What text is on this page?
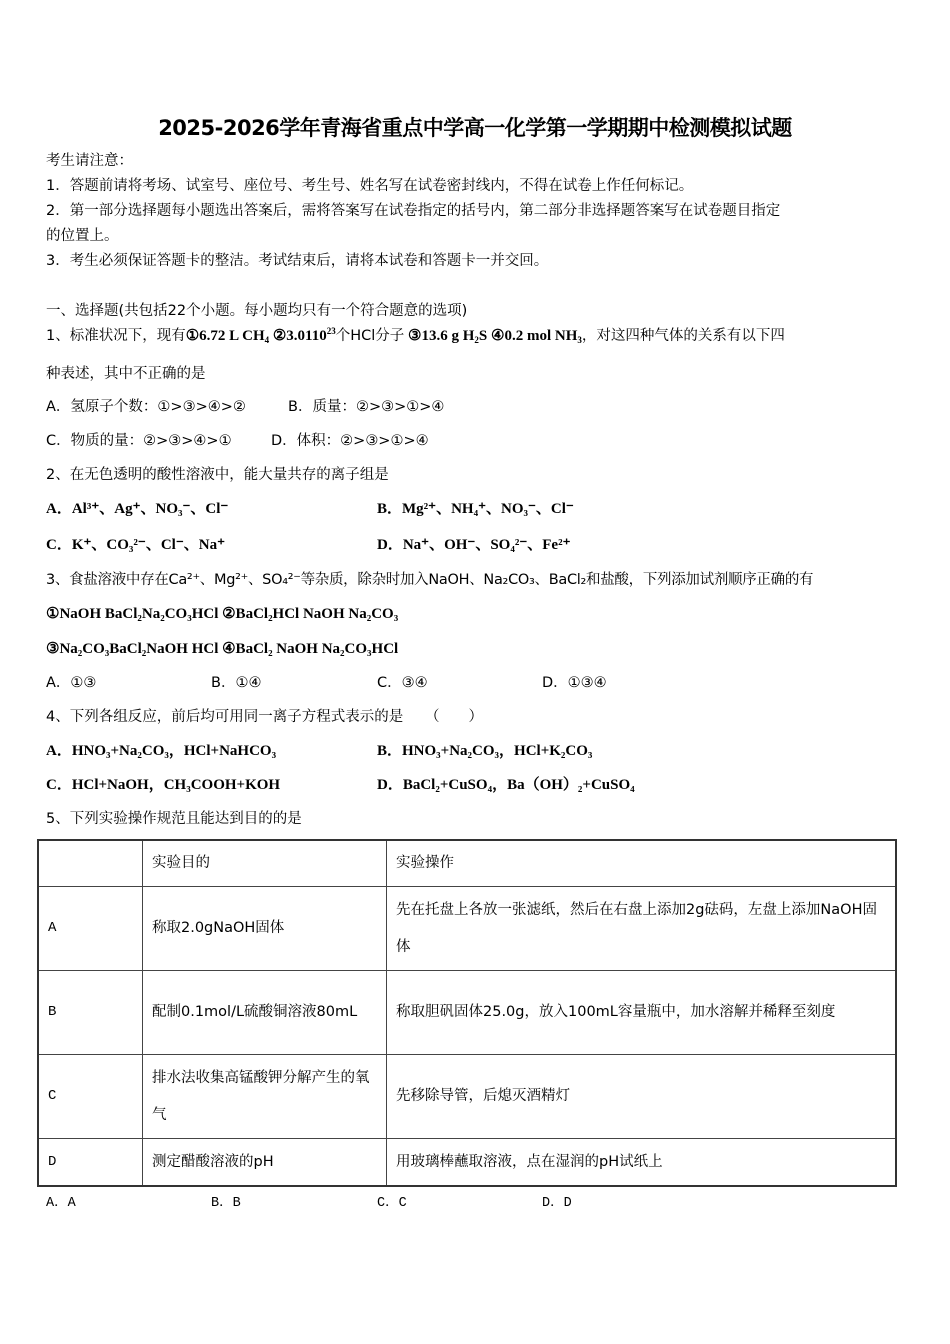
2025-2026学年青海省重点中学高一化学第一学期期中检测模拟试题
考生请注意：
1．答题前请将考场、试室号、座位号、考生号、姓名写在试卷密封线内，不得在试卷上作任何标记。
2．第一部分选择题每小题选出答案后，需将答案写在试卷指定的括号内，第二部分非选择题答案写在试卷题目指定
的位置上。
3．考生必须保证答题卡的整洁。考试结束后，请将本试卷和答题卡一并交回。
一、选择题(共包括22个小题。每小题均只有一个符合题意的选项)
1、标准状况下，现有①6.72 L $CH_4$ ②3.0110$^{23}$个HCl分子 ③13.6 g $H_2S$ ④0.2 mol $NH_3$，对这四种气体的关系有以下四
种表述，其中不正确的是
A．氢原子个数：①>③>④>②	B．质量：②>③>①>④
C．物质的量：②>③>④>①	D．体积：②>③>①>④
2、在无色透明的酸性溶液中，能大量共存的离子组是
A．Al³⁺、Ag⁺、NO₃⁻、Cl⁻	B．Mg²⁺、NH₄⁺、NO₃⁻、Cl⁻
C．K⁺、CO₃²⁻、Cl⁻、Na⁺	D．Na⁺、OH⁻、SO₄²⁻、Fe²⁺
3、食盐溶液中存在Ca²⁺、Mg²⁺、SO₄²⁻等杂质，除杂时加入NaOH、Na₂CO₃、BaCl₂和盐酸，下列添加试剂顺序正确的有
①NaOH BaCl₂Na₂CO₃HCl ②BaCl₂HCl NaOH Na₂CO₃
③Na₂CO₃BaCl₂NaOH HCl ④BaCl₂ NaOH Na₂CO₃HCl
A．①③	B．①④	C．③④	D．①③④
4、下列各组反应，前后均可用同一离子方程式表示的是　　（　　）
A．HNO₃+Na₂CO₃，HCl+NaHCO₃	B．HNO₃+Na₂CO₃，HCl+K₂CO₃
C．HCl+NaOH，CH₃COOH+KOH	D．BaCl₂+CuSO₄，Ba（OH）₂+CuSO₄
5、下列实验操作规范且能达到目的的是
	实验目的	实验操作
A	称取2.0gNaOH固体	先在托盘上各放一张滤纸，然后在右盘上添加2g砝码，左盘上添加NaOH固体
B	配制0.1mol/L硫酸铜溶液80mL	称取胆矾固体25.0g，放入100mL容量瓶中，加水溶解并稀释至刻度
C	排水法收集高锰酸钾分解产生的氧气	先移除导管，后熄灭酒精灯
D	测定醋酸溶液的pH	用玻璃棒蘸取溶液，点在湿润的pH试纸上
A．A	B．B	C．C	D．D
